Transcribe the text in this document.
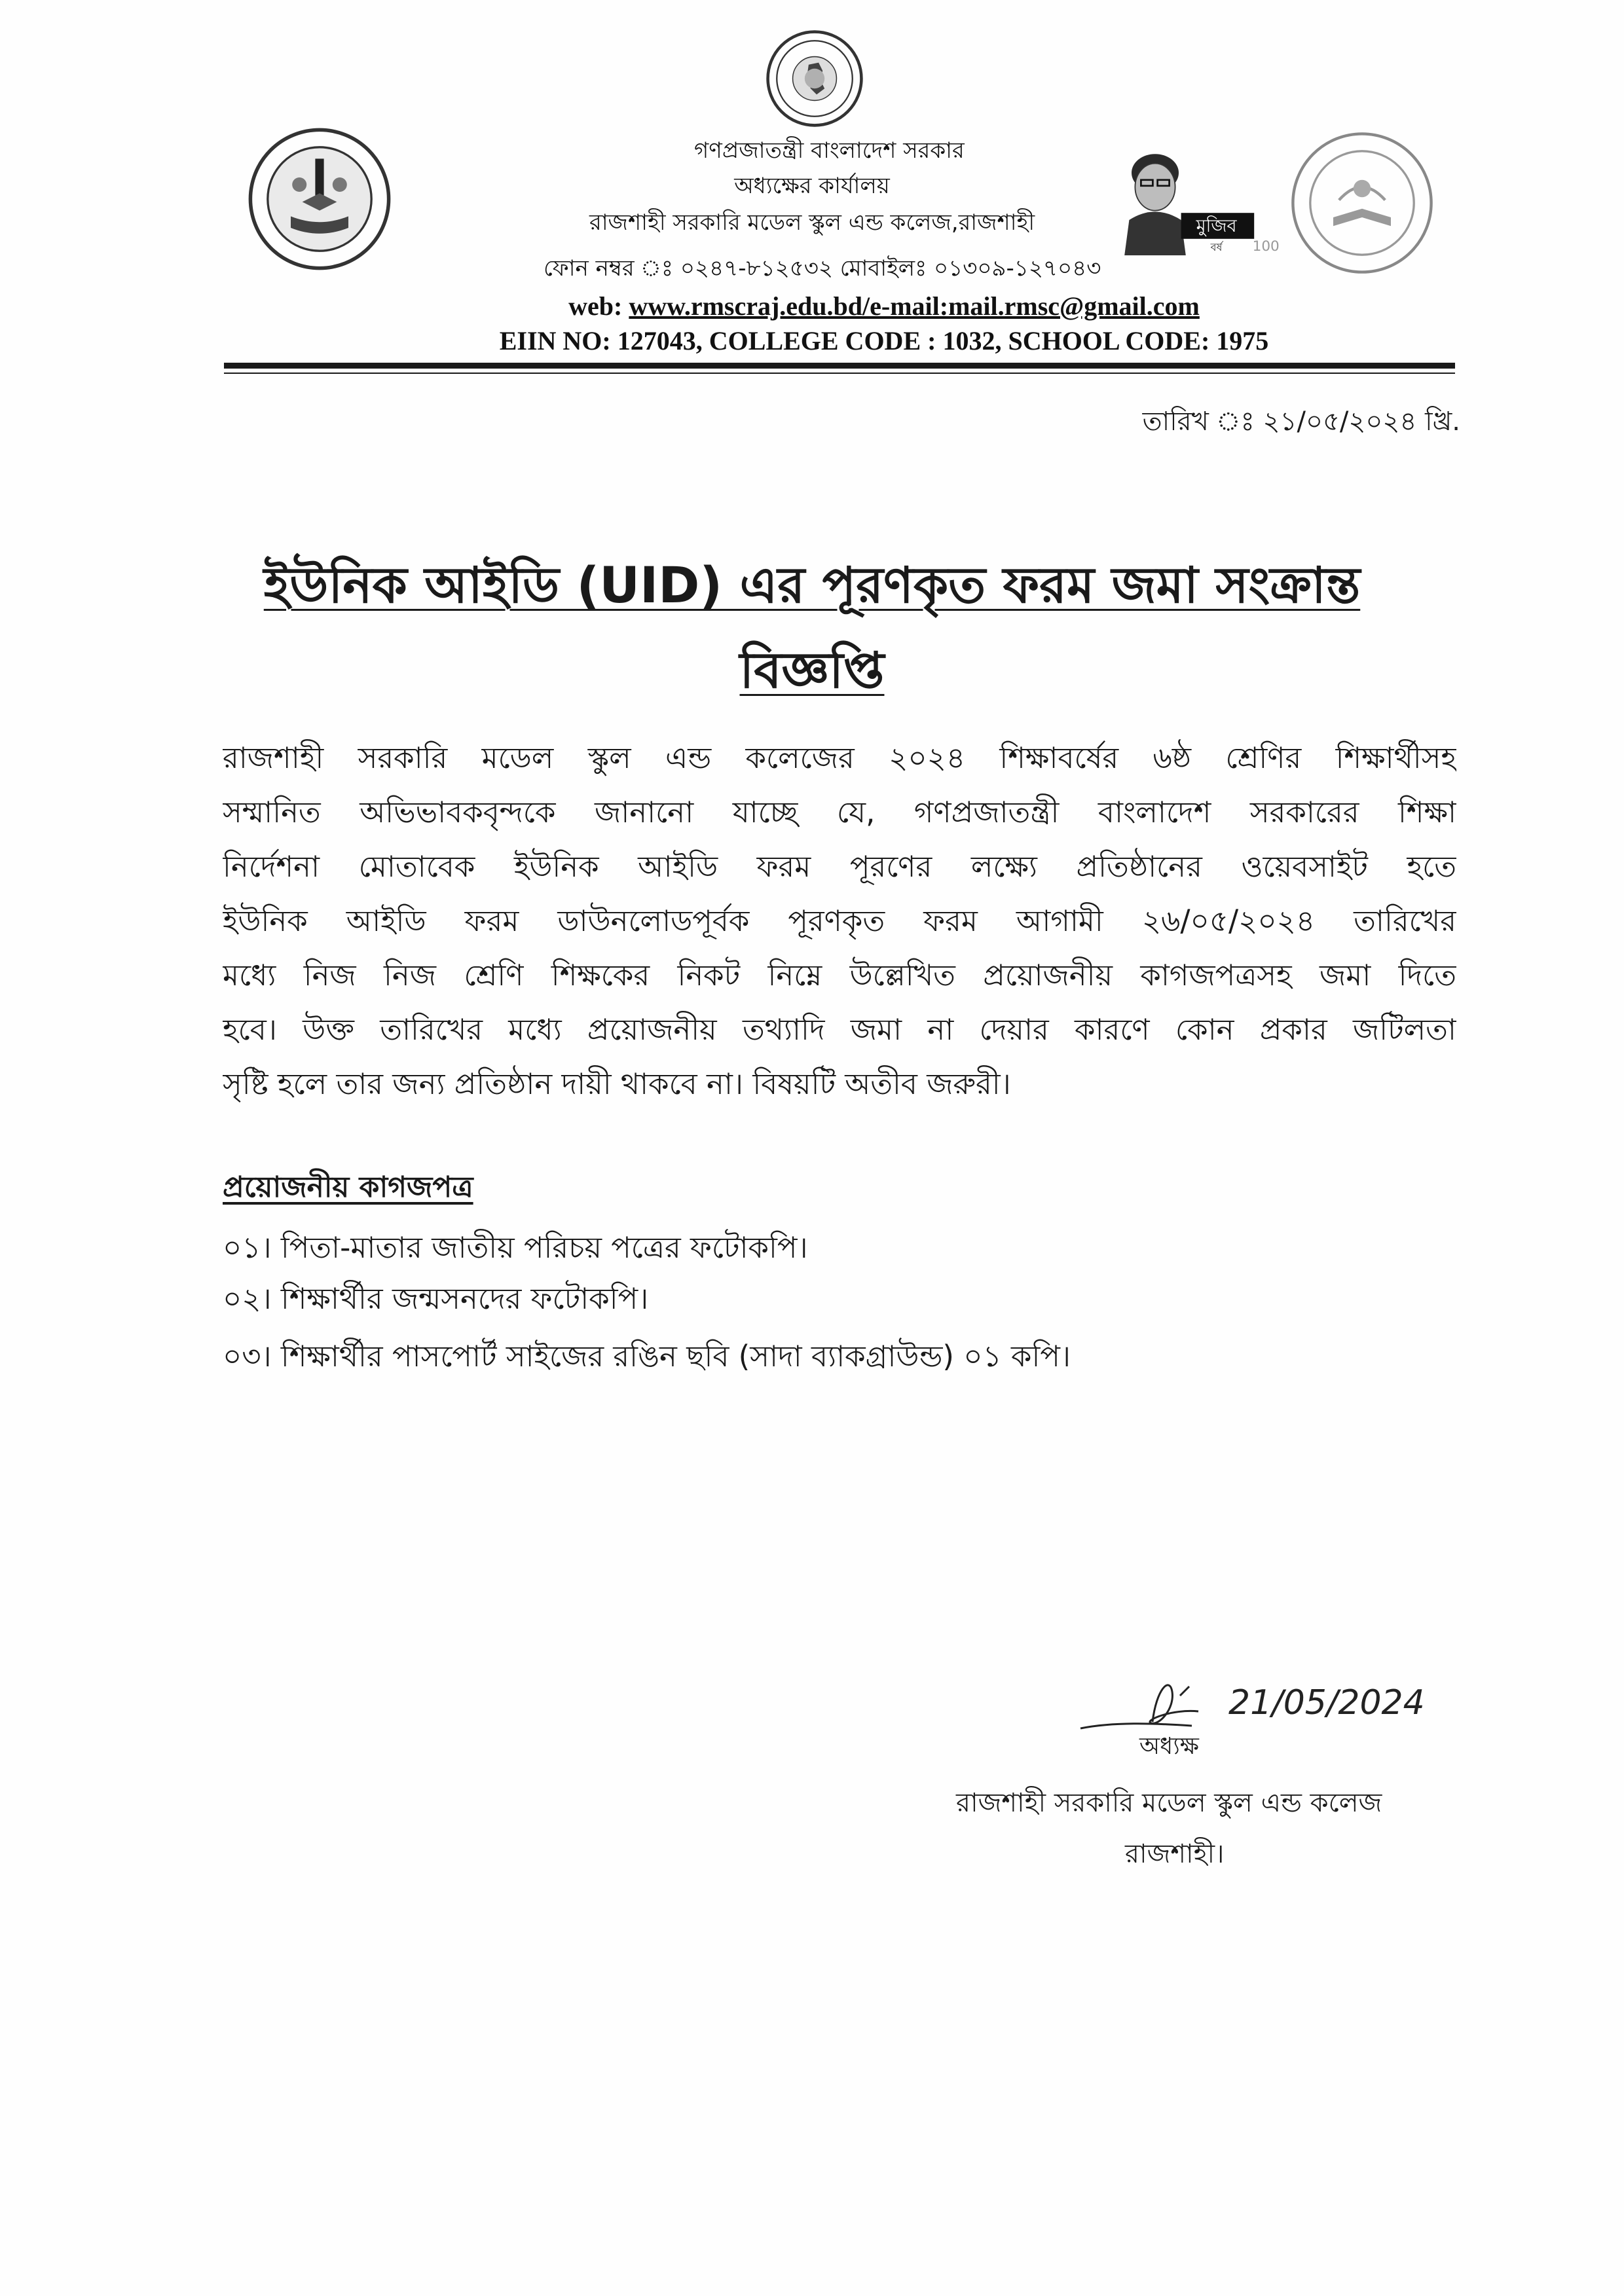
মুজিব
বর্ষ	100
গণপ্রজাতন্ত্রী বাংলাদেশ সরকার
অধ্যক্ষের কার্যালয়
রাজশাহী সরকারি মডেল স্কুল এন্ড কলেজ,রাজশাহী
ফোন নম্বর ঃ ০২৪৭-৮১২৫৩২ মোবাইলঃ ০১৩০৯-১২৭০৪৩
web: www.rmscraj.edu.bd/e-mail:mail.rmsc@gmail.com
EIIN NO: 127043, COLLEGE CODE : 1032, SCHOOL CODE: 1975
তারিখ ঃ ২১/০৫/২০২৪ খ্রি.
ইউনিক আইডি (UID) এর পূরণকৃত ফরম জমা সংক্রান্ত
বিজ্ঞপ্তি
রাজশাহী সরকারি মডেল স্কুল এন্ড কলেজের ২০২৪ শিক্ষাবর্ষের ৬ষ্ঠ শ্রেণির শিক্ষার্থীসহ
সম্মানিত অভিভাবকবৃন্দকে জানানো যাচ্ছে যে, গণপ্রজাতন্ত্রী বাংলাদেশ সরকারের শিক্ষা
নির্দেশনা মোতাবেক ইউনিক আইডি ফরম পূরণের লক্ষ্যে প্রতিষ্ঠানের ওয়েবসাইট হতে
ইউনিক আইডি ফরম ডাউনলোডপূর্বক পূরণকৃত ফরম আগামী ২৬/০৫/২০২৪ তারিখের
মধ্যে নিজ নিজ শ্রেণি শিক্ষকের নিকট নিম্নে উল্লেখিত প্রয়োজনীয় কাগজপত্রসহ জমা দিতে
হবে। উক্ত তারিখের মধ্যে প্রয়োজনীয় তথ্যাদি জমা না দেয়ার কারণে কোন প্রকার জটিলতা
সৃষ্টি হলে তার জন্য প্রতিষ্ঠান দায়ী থাকবে না। বিষয়টি অতীব জরুরী।
প্রয়োজনীয় কাগজপত্র
০১। পিতা-মাতার জাতীয় পরিচয় পত্রের ফটোকপি।
০২। শিক্ষার্থীর জন্মসনদের ফটোকপি।
০৩। শিক্ষার্থীর পাসপোর্ট সাইজের রঙিন ছবি (সাদা ব্যাকগ্রাউন্ড) ০১ কপি।
21/05/2024
অধ্যক্ষ
রাজশাহী সরকারি মডেল স্কুল এন্ড কলেজ
রাজশাহী।
